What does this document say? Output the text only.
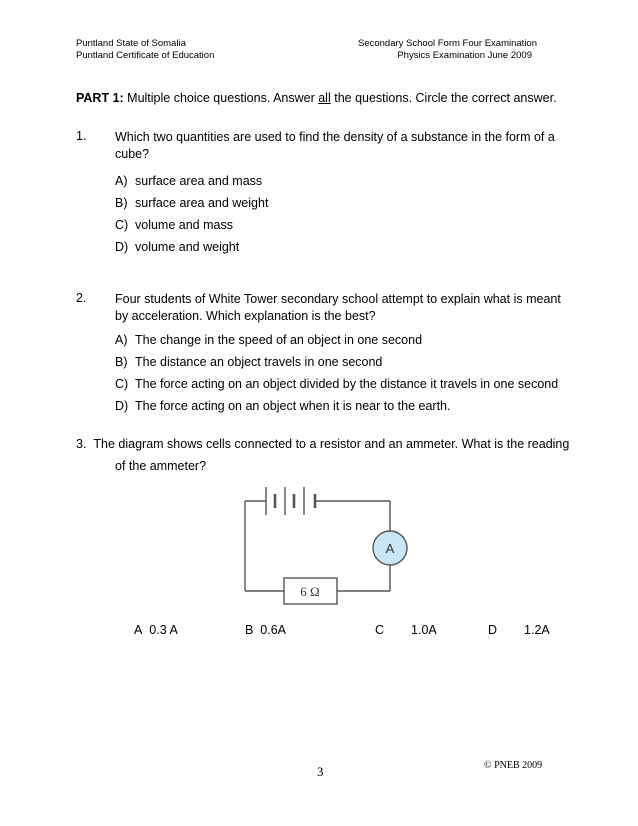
Puntland State of Somalia
Puntland Certificate of Education
Secondary School Form Four Examination
Physics Examination June 2009
PART 1: Multiple choice questions. Answer all the questions. Circle the correct answer.
1. Which two quantities are used to find the density of a substance in the form of a cube?
A) surface area and mass
B) surface area and weight
C) volume and mass
D) volume and weight
2. Four students of White Tower secondary school attempt to explain what is meant by acceleration. Which explanation is the best?
A) The change in the speed of an object in one second
B) The distance an object travels in one second
C) The force acting on an object divided by the distance it travels in one second
D) The force acting on an object when it is near to the earth.
3. The diagram shows cells connected to a resistor and an ammeter. What is the reading
of the ammeter?
A
6 Ω
A 0.3 A	B 0.6A	C 1.0A	D 1.2A
3	© PNEB 2009
